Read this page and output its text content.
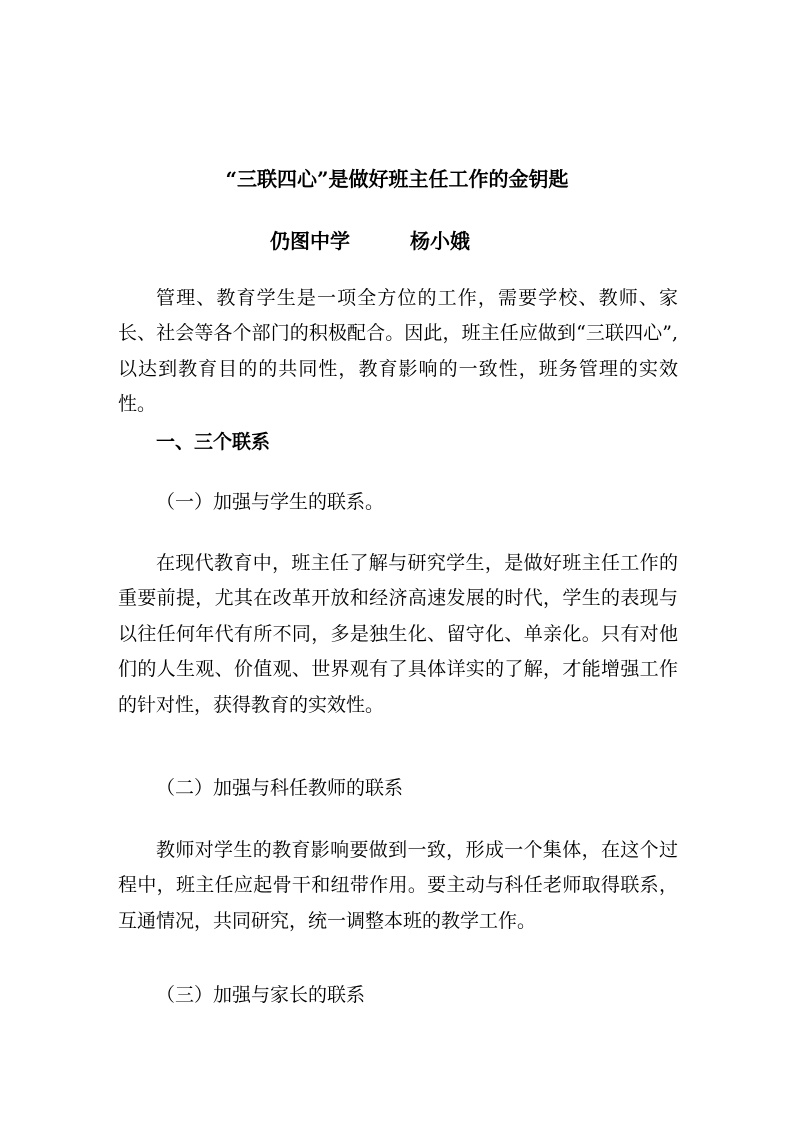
“三联四心”是做好班主任工作的金钥匙
仍图中学	杨小娥

管理、教育学生是一项全方位的工作，需要学校、教师、家长、社会等各个部门的积极配合。因此，班主任应做到“三联四心”,以达到教育目的的共同性，教育影响的一致性，班务管理的实效性。

一、三个联系

（一）加强与学生的联系。

在现代教育中，班主任了解与研究学生，是做好班主任工作的重要前提，尤其在改革开放和经济高速发展的时代，学生的表现与以往任何年代有所不同，多是独生化、留守化、单亲化。只有对他们的人生观、价值观、世界观有了具体详实的了解，才能增强工作的针对性，获得教育的实效性。

（二）加强与科任教师的联系

教师对学生的教育影响要做到一致，形成一个集体，在这个过程中，班主任应起骨干和纽带作用。要主动与科任老师取得联系，互通情况，共同研究，统一调整本班的教学工作。

（三）加强与家长的联系
